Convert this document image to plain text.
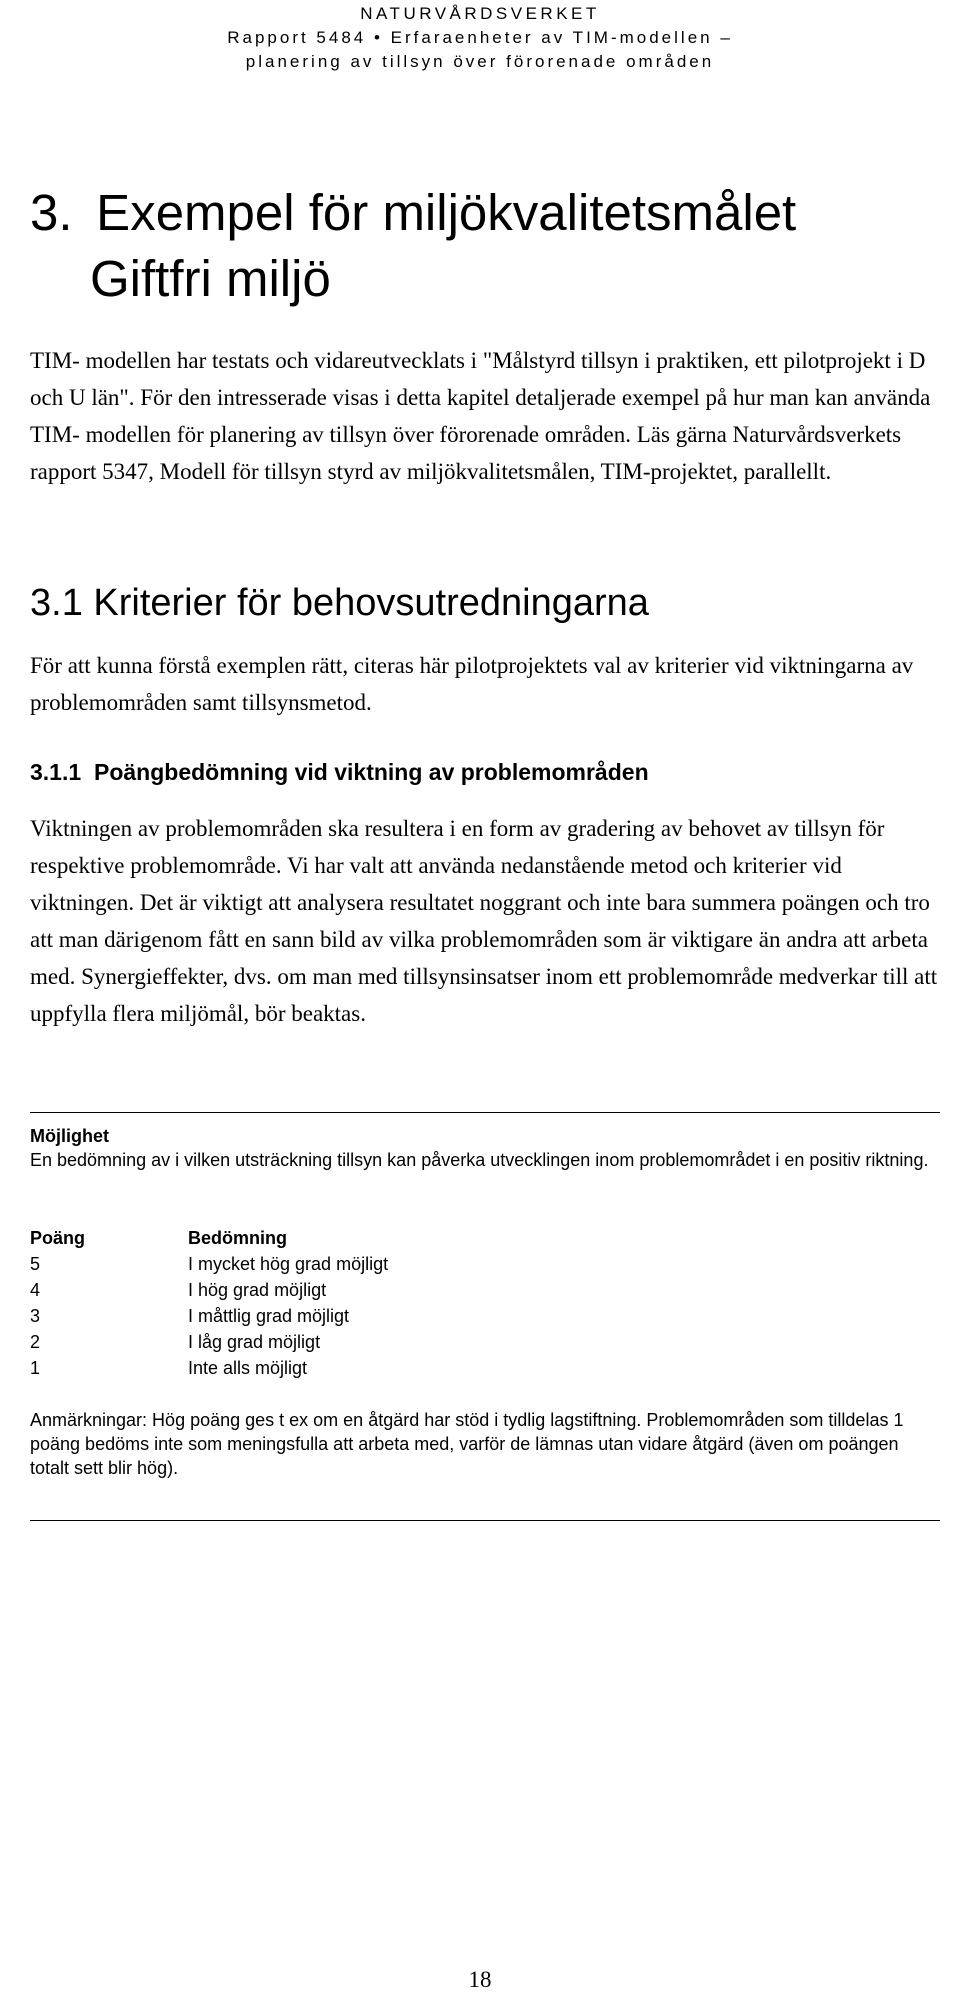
NATURVÅRDSVERKET
Rapport 5484 • Erfaraenheter av TIM-modellen –
planering av tillsyn över förorenade områden
3. Exempel för miljökvalitetsmålet
Giftfri miljö

TIM- modellen har testats och vidareutvecklats i "Målstyrd tillsyn i praktiken, ett pilotprojekt i D och U län". För den intresserade visas i detta kapitel detaljerade exempel på hur man kan använda TIM- modellen för planering av tillsyn över förorenade områden. Läs gärna Naturvårdsverkets rapport 5347, Modell för tillsyn styrd av miljökvalitetsmålen, TIM-projektet, parallellt.

3.1 Kriterier för behovsutredningarna

För att kunna förstå exemplen rätt, citeras här pilotprojektets val av kriterier vid viktningarna av problemområden samt tillsynsmetod.

3.1.1 Poängbedömning vid viktning av problemområden

Viktningen av problemområden ska resultera i en form av gradering av behovet av tillsyn för respektive problemområde. Vi har valt att använda nedanstående metod och kriterier vid viktningen. Det är viktigt att analysera resultatet noggrant och inte bara summera poängen och tro att man därigenom fått en sann bild av vilka problemområden som är viktigare än andra att arbeta med. Synergieffekter, dvs. om man med tillsynsinsatser inom ett problemområde medverkar till att uppfylla flera miljömål, bör beaktas.

Möjlighet

En bedömning av i vilken utsträckning tillsyn kan påverka utvecklingen inom problemområdet i en positiv riktning.

Poäng	Bedömning
5	I mycket hög grad möjligt
4	I hög grad möjligt
3	I måttlig grad möjligt
2	I låg grad möjligt
1	Inte alls möjligt

Anmärkningar: Hög poäng ges t ex om en åtgärd har stöd i tydlig lagstiftning. Problemområden som tilldelas 1 poäng bedöms inte som meningsfulla att arbeta med, varför de lämnas utan vidare åtgärd (även om poängen totalt sett blir hög).

18
